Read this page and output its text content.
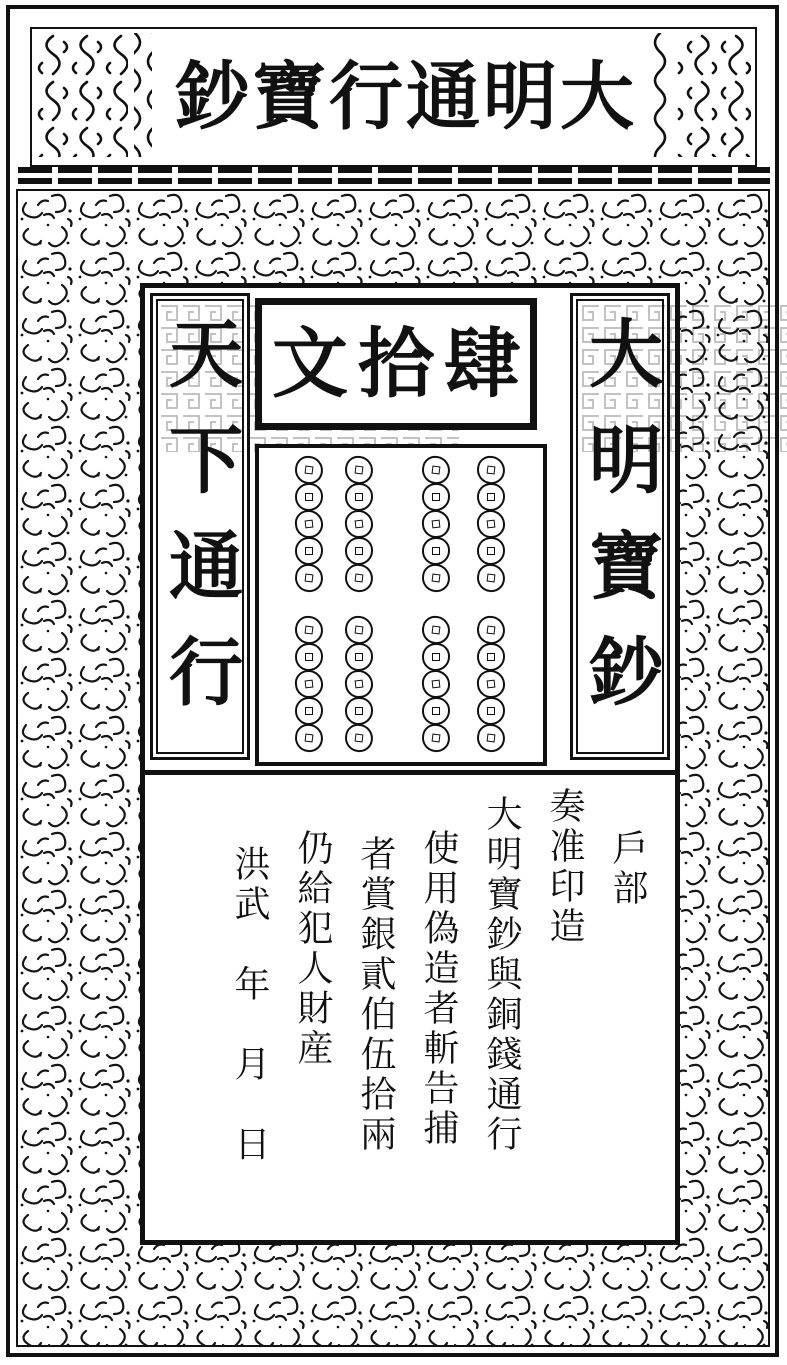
大
明
通
行
寶
鈔
天下通行	肆
拾
文	大明寶鈔
戶部
奏准印造
大明寶鈔與銅錢通行
使用偽造者斬告捕
者賞銀貳伯伍拾兩
仍給犯人財産
洪武　年　月　日
